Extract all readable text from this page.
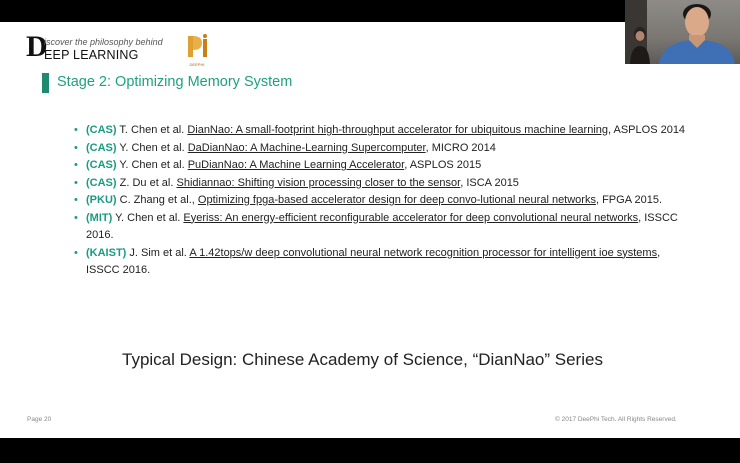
D
iscover the philosophy behind
EEP LEARNING
DEEPHI
Stage 2: Optimizing Memory System
• (CAS) T. Chen et al. DianNao: A small-footprint high-throughput accelerator for ubiquitous machine learning, ASPLOS 2014
• (CAS) Y. Chen et al. DaDianNao: A Machine-Learning Supercomputer, MICRO 2014
• (CAS) Y. Chen et al. PuDianNao: A Machine Learning Accelerator, ASPLOS 2015
• (CAS) Z. Du et al. Shidiannao: Shifting vision processing closer to the sensor, ISCA 2015
• (PKU) C. Zhang et al., Optimizing fpga-based accelerator design for deep convo-lutional neural networks, FPGA 2015.
• (MIT) Y. Chen et al. Eyeriss: An energy-efficient reconfigurable accelerator for deep convolutional neural networks, ISSCC 2016.
• (KAIST) J. Sim et al. A 1.42tops/w deep convolutional neural network recognition processor for intelligent ioe systems, ISSCC 2016.
Typical Design: Chinese Academy of Science, “DianNao” Series
Page 20	© 2017 DeePhi Tech. All Rights Reserved.
